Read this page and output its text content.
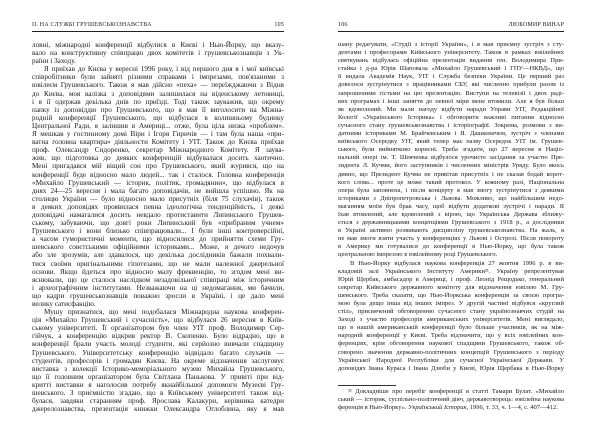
II. НА СЛУЖБІ ГРУШЕВСЬКОЗНАВСТВА	105
ловні, міжнародні конференції відбулися в Києві і Нью-Йорку, що вказу-
вало на конструктивну співпрацю двох комітетів і грушевськознавців з Ук-
раїни і Заходу.
Я приїхав до Києва у вересні 1996 року, і від першого дня я і мої київські
співробітники були зайняті різними справами і імпрезами, пов'язаними з
ювілеєм Грушевського. Також я мав дійсно «пеха» — переїжджаючи з Відня
до Києва, моя валізка з доповідями залишилася на віденському летовищі,
і я її одержав декілька днів по приїзді. Тоді також зауважив, що окрему
папку із доповіддю про Грушевського, що я мав її виголосити на Міжна-
родній конференції Грушевського, що відбулася в колишньому будинку
Центральної Ради, я залишив в Америці... отже, була ціла низка «проблем».
Я мешкав у гостинному домі Віри і Ігоря Гиричів — і там була наша «при-
ватна головна квартира» діяльности Комітету і УІТ. Також до Києва приїхав
проф. Олександр Сидоренко, секретар Міжнародного Комітету. Я заува-
жив, що підготовка до деяких конференцій відбувалася досить хаотично.
Мені пригадався мій віщий сон про Грушевського, який журився, що на
конференції буде відносно мало людей... так і сталося. Головна конференція
«Михайло Грушевський — історик, політик, громадянин», що відбулася в
днях 24—25 вересня і мала багато доповідачів, не вийшла успішно. Як на
столицю України — було відносно мало присутніх (біля 75 слухачів), також
в деяких доповідях проявилася певна ідеологічна тенденційність, і деякі
доповідачі намагалися досить невдало протиставити Липинського Грушев-
ському, забуваючи, що довгі роки Липинський був «прибраним учнем»
Грушевського і вони близько співпрацювали... І були інші контроверсійні,
а часом гумористичні моменти, що відносилися до прийняття схеми Гру-
шевського совєтськими офіційними істориками... Може, я дечого недочув
або зле зрозумів, але здавалося, що декілька дослідників бажали похвали-
тися своїми оригінальними гіпотезами, що не мали належної джерельної
основи. Якщо йдеться про відносно малу фреквенцію, то згодом мені ви-
яснювали, що це сталося наслідком незадовільної співпраці між історичним
і археографічним інститутами. Незважаючи на ці недомагання, ми бачили,
що кадри грушевськознавців поважно зросли в Україні, і це дало мені
велику сатисфакцію.
Мушу признатися, що мені подобалася Міжнародна наукова конферен-
ція «Михайло Грушевський і сучасність», що відбулася 26 вересня в Київ-
ському університеті. Її організатором був член УІТ проф. Володимир Сер-
гійчук, а конференцію відкрив ректор В. Скопенко. Було відрадно, що в
конференції брали участь молоді студенти, які серйозно вивчали спадщину
Грушевського. Університетську конференцію відвідало багато слухачів —
студентів, професорів і громадян Києва. На окреме відзначення заслуговує
виставка з колекції Історико-меморіального музею Михайла Грушевського,
що її головним організатором була Світлана Панькова. У привіті при від-
критті виставки я наголосив потребу якнайбільшої допомоги Музеєві Гру-
шевського. З приємністю згадаю, що в Київському університеті також від-
булася, завдяки старанням проф. Ярослава Калакури, керівника катедри
джерелознавства, презентація книжки Олександра Оглоблина, яку я мав
106	ЛЮБОМИР ВИНАР
шану редагувати, «Студії з історії України», і я мав приємну зустріч з сту-
дентами і професорами Київського університету. Також в рамках ювілейних
святкувань відбулась офіційна презентація видання ген. Володимира При-
стайка і д-ра Юрія Шаповала «Михайло Грушевський і ГПУ—НКВД», що
її видала Академія Наук, УІТ і Служба безпеки України. Це перший раз
довелося зустрінутися з працівниками СБУ, які численно прибули разом із
запрошеними гістьми на цю презентацію. Виступи на телевізії і двох раді-
вих програмах і інші заняття до певної міри мене втомили. Але я був більш
як вдоволений. Ми мали нагоду відбути наради Управи УІТ, Редакційної
Колегії «Українського Історика» і обговорити важливі питання відносно
сучасного стану грушевськознавства і історіографії. Зокрема, розмови з ви-
датними істориками М. Брайчевським і Я. Дашкевичем, зустріч з членами
київського Осередку УІТ, який тепер має назву Осередок УІТ ім. Грушев-
ського, були вийнятково корисні. Треба згадати, що 27 вересня в Націо-
нальній опері ім. Т. Шевченка відбулося урочисте засідання за участю Пре-
зидента Л. Кучми, його заступників і численних міністрів Уряду. Було якось
дивно, що Президент Кучма не привітав присутніх і не сказав бодай корот-
кого слова... проте це може такий протокол. У кожному разі, Національна
опера була заповнена, і після концерту я мав змогу зустрінутися з деякими
істориками з Дніпропетровська і Львова. Можливо, що найбільшим недо-
маганням моїм був брак часу, щоб відбути додаткові зустрічі і наради. Я
їхав втомлений, але вдоволений з вірою, що Українська Держава зближу-
ється з державницькими концепціями Грушевського з 1918 р., а дослідники
в Україні активно розвивають дисципліну грушевськознавства. На жаль, я
не мав змоги взяти участь у конференціях у Львові і Острозі. Після повороту
в Америку ми готувалися до конференції в Нью-Йорку, що була також
центральною імпрезою в ювілейному році Грушевського.
В Нью-Йорку відбулася наукова конференція 27 жовтня 1996 р. в ви-
кладовій залі Українського Інституту Америки²¹. Україну репрезентував
Юрій Щербак, амбасадор в Америці, і проф. Леонід Рещодько, генеральний
секретар Київського державного комітету для відзначення ювілею М. Гру-
шевського. Треба сказати, що Нью-Йоркська конференція за своєю програ-
мою була дещо інша від інших імпрез. У другій частині відбувся «круглий
стіл», присвячений обговоренню сучасного стану українознавчих студій на
Заході з участю професорів американських університетів. Мені виглядало,
що в нашій американській конференції було більше учасників, як на між-
народній конференції у Києві. Треба відзначити, що у всіх ювілейних кон-
ференціях, крім обговорення наукової спадщини Грушевського, також об-
говорено значення державно-політичних концепцій Грушевського з періоду
Української Народної Республіки для сучасної Української Держави. У
доповідях Івана Кураса і Івана Дзюби у Києві, Юрія Щербака в Нью-Йорку
²¹ Докладніше про перебіг конференції в статті Тамари Булат. «Михайло
ський — історик, суспільно-політичний діяч, державотворець: ювілейна наукова
ференція в Нью-Йорку». Український Історик, 1996, т. 33, ч. 1—4, с. 407—412.
